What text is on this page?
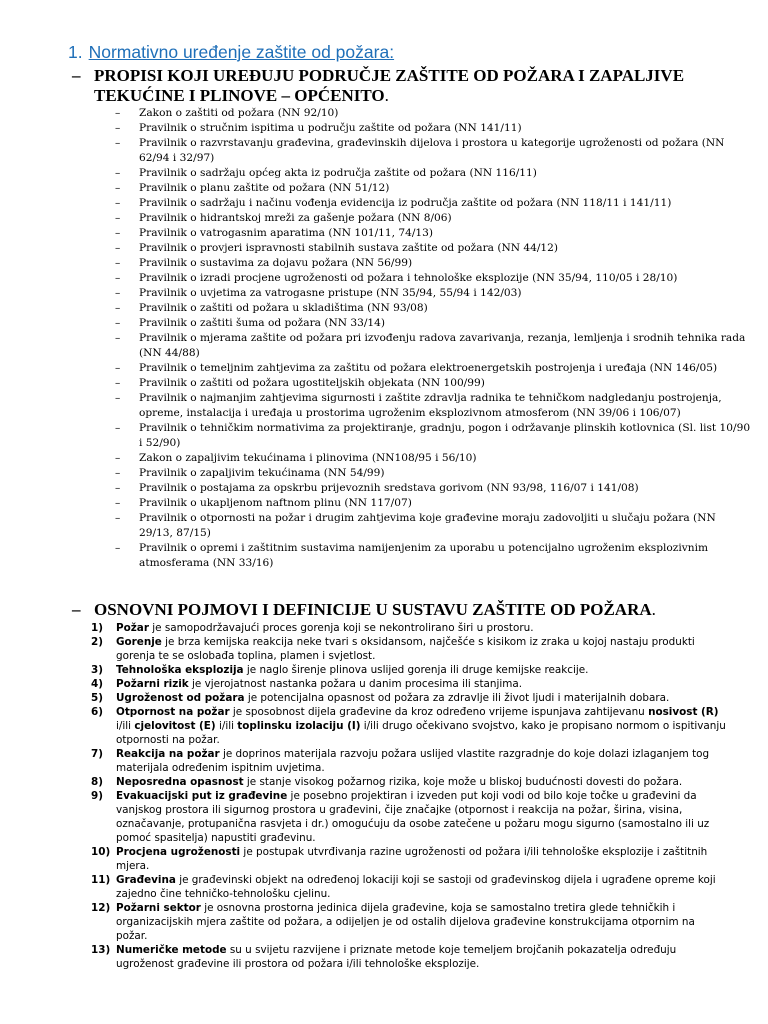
1. Normativno uređenje zaštite od požara:
– PROPISI KOJI UREĐUJU PODRUČJE ZAŠTITE OD POŽARA I ZAPALJIVE TEKUĆINE I PLINOVE – OPĆENITO.
– Zakon o zaštiti od požara (NN 92/10)
– Pravilnik o stručnim ispitima u području zaštite od požara (NN 141/11)
– Pravilnik o razvrstavanju građevina, građevinskih dijelova i prostora u kategorije ugroženosti od požara (NN 62/94 i 32/97)
– Pravilnik o sadržaju općeg akta iz područja zaštite od požara (NN 116/11)
– Pravilnik o planu zaštite od požara (NN 51/12)
– Pravilnik o sadržaju i načinu vođenja evidencija iz područja zaštite od požara (NN 118/11 i 141/11)
– Pravilnik o hidrantskoj mreži za gašenje požara (NN 8/06)
– Pravilnik o vatrogasnim aparatima (NN 101/11, 74/13)
– Pravilnik o provjeri ispravnosti stabilnih sustava zaštite od požara (NN 44/12)
– Pravilnik o sustavima za dojavu požara (NN 56/99)
– Pravilnik o izradi procjene ugroženosti od požara i tehnološke eksplozije (NN 35/94, 110/05 i 28/10)
– Pravilnik o uvjetima za vatrogasne pristupe (NN 35/94, 55/94 i 142/03)
– Pravilnik o zaštiti od požara u skladištima (NN 93/08)
– Pravilnik o zaštiti šuma od požara (NN 33/14)
– Pravilnik o mjerama zaštite od požara pri izvođenju radova zavarivanja, rezanja, lemljenja i srodnih tehnika rada (NN 44/88)
– Pravilnik o temeljnim zahtjevima za zaštitu od požara elektroenergetskih postrojenja i uređaja (NN 146/05)
– Pravilnik o zaštiti od požara ugostiteljskih objekata (NN 100/99)
– Pravilnik o najmanjim zahtjevima sigurnosti i zaštite zdravlja radnika te tehničkom nadgledanju postrojenja, opreme, instalacija i uređaja u prostorima ugroženim eksplozivnom atmosferom (NN 39/06 i 106/07)
– Pravilnik o tehničkim normativima za projektiranje, gradnju, pogon i održavanje plinskih kotlovnica (Sl. list 10/90 i 52/90)
– Zakon o zapaljivim tekućinama i plinovima (NN108/95 i 56/10)
– Pravilnik o zapaljivim tekućinama (NN 54/99)
– Pravilnik o postajama za opskrbu prijevoznih sredstava gorivom (NN 93/98, 116/07 i 141/08)
– Pravilnik o ukapljenom naftnom plinu (NN 117/07)
– Pravilnik o otpornosti na požar i drugim zahtjevima koje građevine moraju zadovoljiti u slučaju požara (NN 29/13, 87/15)
– Pravilnik o opremi i zaštitnim sustavima namijenjenim za uporabu u potencijalno ugroženim eksplozivnim atmosferama (NN 33/16)
– OSNOVNI POJMOVI I DEFINICIJE U SUSTAVU ZAŠTITE OD POŽARA.
1) Požar je samopodržavajući proces gorenja koji se nekontrolirano širi u prostoru.
2) Gorenje je brza kemijska reakcija neke tvari s oksidansom, najčešće s kisikom iz zraka u kojoj nastaju produkti gorenja te se oslobađa toplina, plamen i svjetlost.
3) Tehnološka eksplozija je naglo širenje plinova uslijed gorenja ili druge kemijske reakcije.
4) Požarni rizik je vjerojatnost nastanka požara u danim procesima ili stanjima.
5) Ugroženost od požara je potencijalna opasnost od požara za zdravlje ili život ljudi i materijalnih dobara.
6) Otpornost na požar je sposobnost dijela građevine da kroz određeno vrijeme ispunjava zahtijevanu nosivost (R) i/ili cjelovitost (E) i/ili toplinsku izolaciju (I) i/ili drugo očekivano svojstvo, kako je propisano normom o ispitivanju otpornosti na požar.
7) Reakcija na požar je doprinos materijala razvoju požara uslijed vlastite razgradnje do koje dolazi izlaganjem tog materijala određenim ispitnim uvjetima.
8) Neposredna opasnost je stanje visokog požarnog rizika, koje može u bliskoj budućnosti dovesti do požara.
9) Evakuacijski put iz građevine je posebno projektiran i izveden put koji vodi od bilo koje točke u građevini da vanjskog prostora ili sigurnog prostora u građevini, čije značajke (otpornost i reakcija na požar, širina, visina, označavanje, protupanična rasvjeta i dr.) omogućuju da osobe zatečene u požaru mogu sigurno (samostalno ili uz pomoć spasitelja) napustiti građevinu.
10) Procjena ugroženosti je postupak utvrđivanja razine ugroženosti od požara i/ili tehnološke eksplozije i zaštitnih mjera.
11) Građevina je građevinski objekt na određenoj lokaciji koji se sastoji od građevinskog dijela i ugrađene opreme koji zajedno čine tehničko-tehnološku cjelinu.
12) Požarni sektor je osnovna prostorna jedinica dijela građevine, koja se samostalno tretira glede tehničkih i organizacijskih mjera zaštite od požara, a odijeljen je od ostalih dijelova građevine konstrukcijama otpornim na požar.
13) Numeričke metode su u svijetu razvijene i priznate metode koje temeljem brojčanih pokazatelja određuju ugroženost građevine ili prostora od požara i/ili tehnološke eksplozije.
